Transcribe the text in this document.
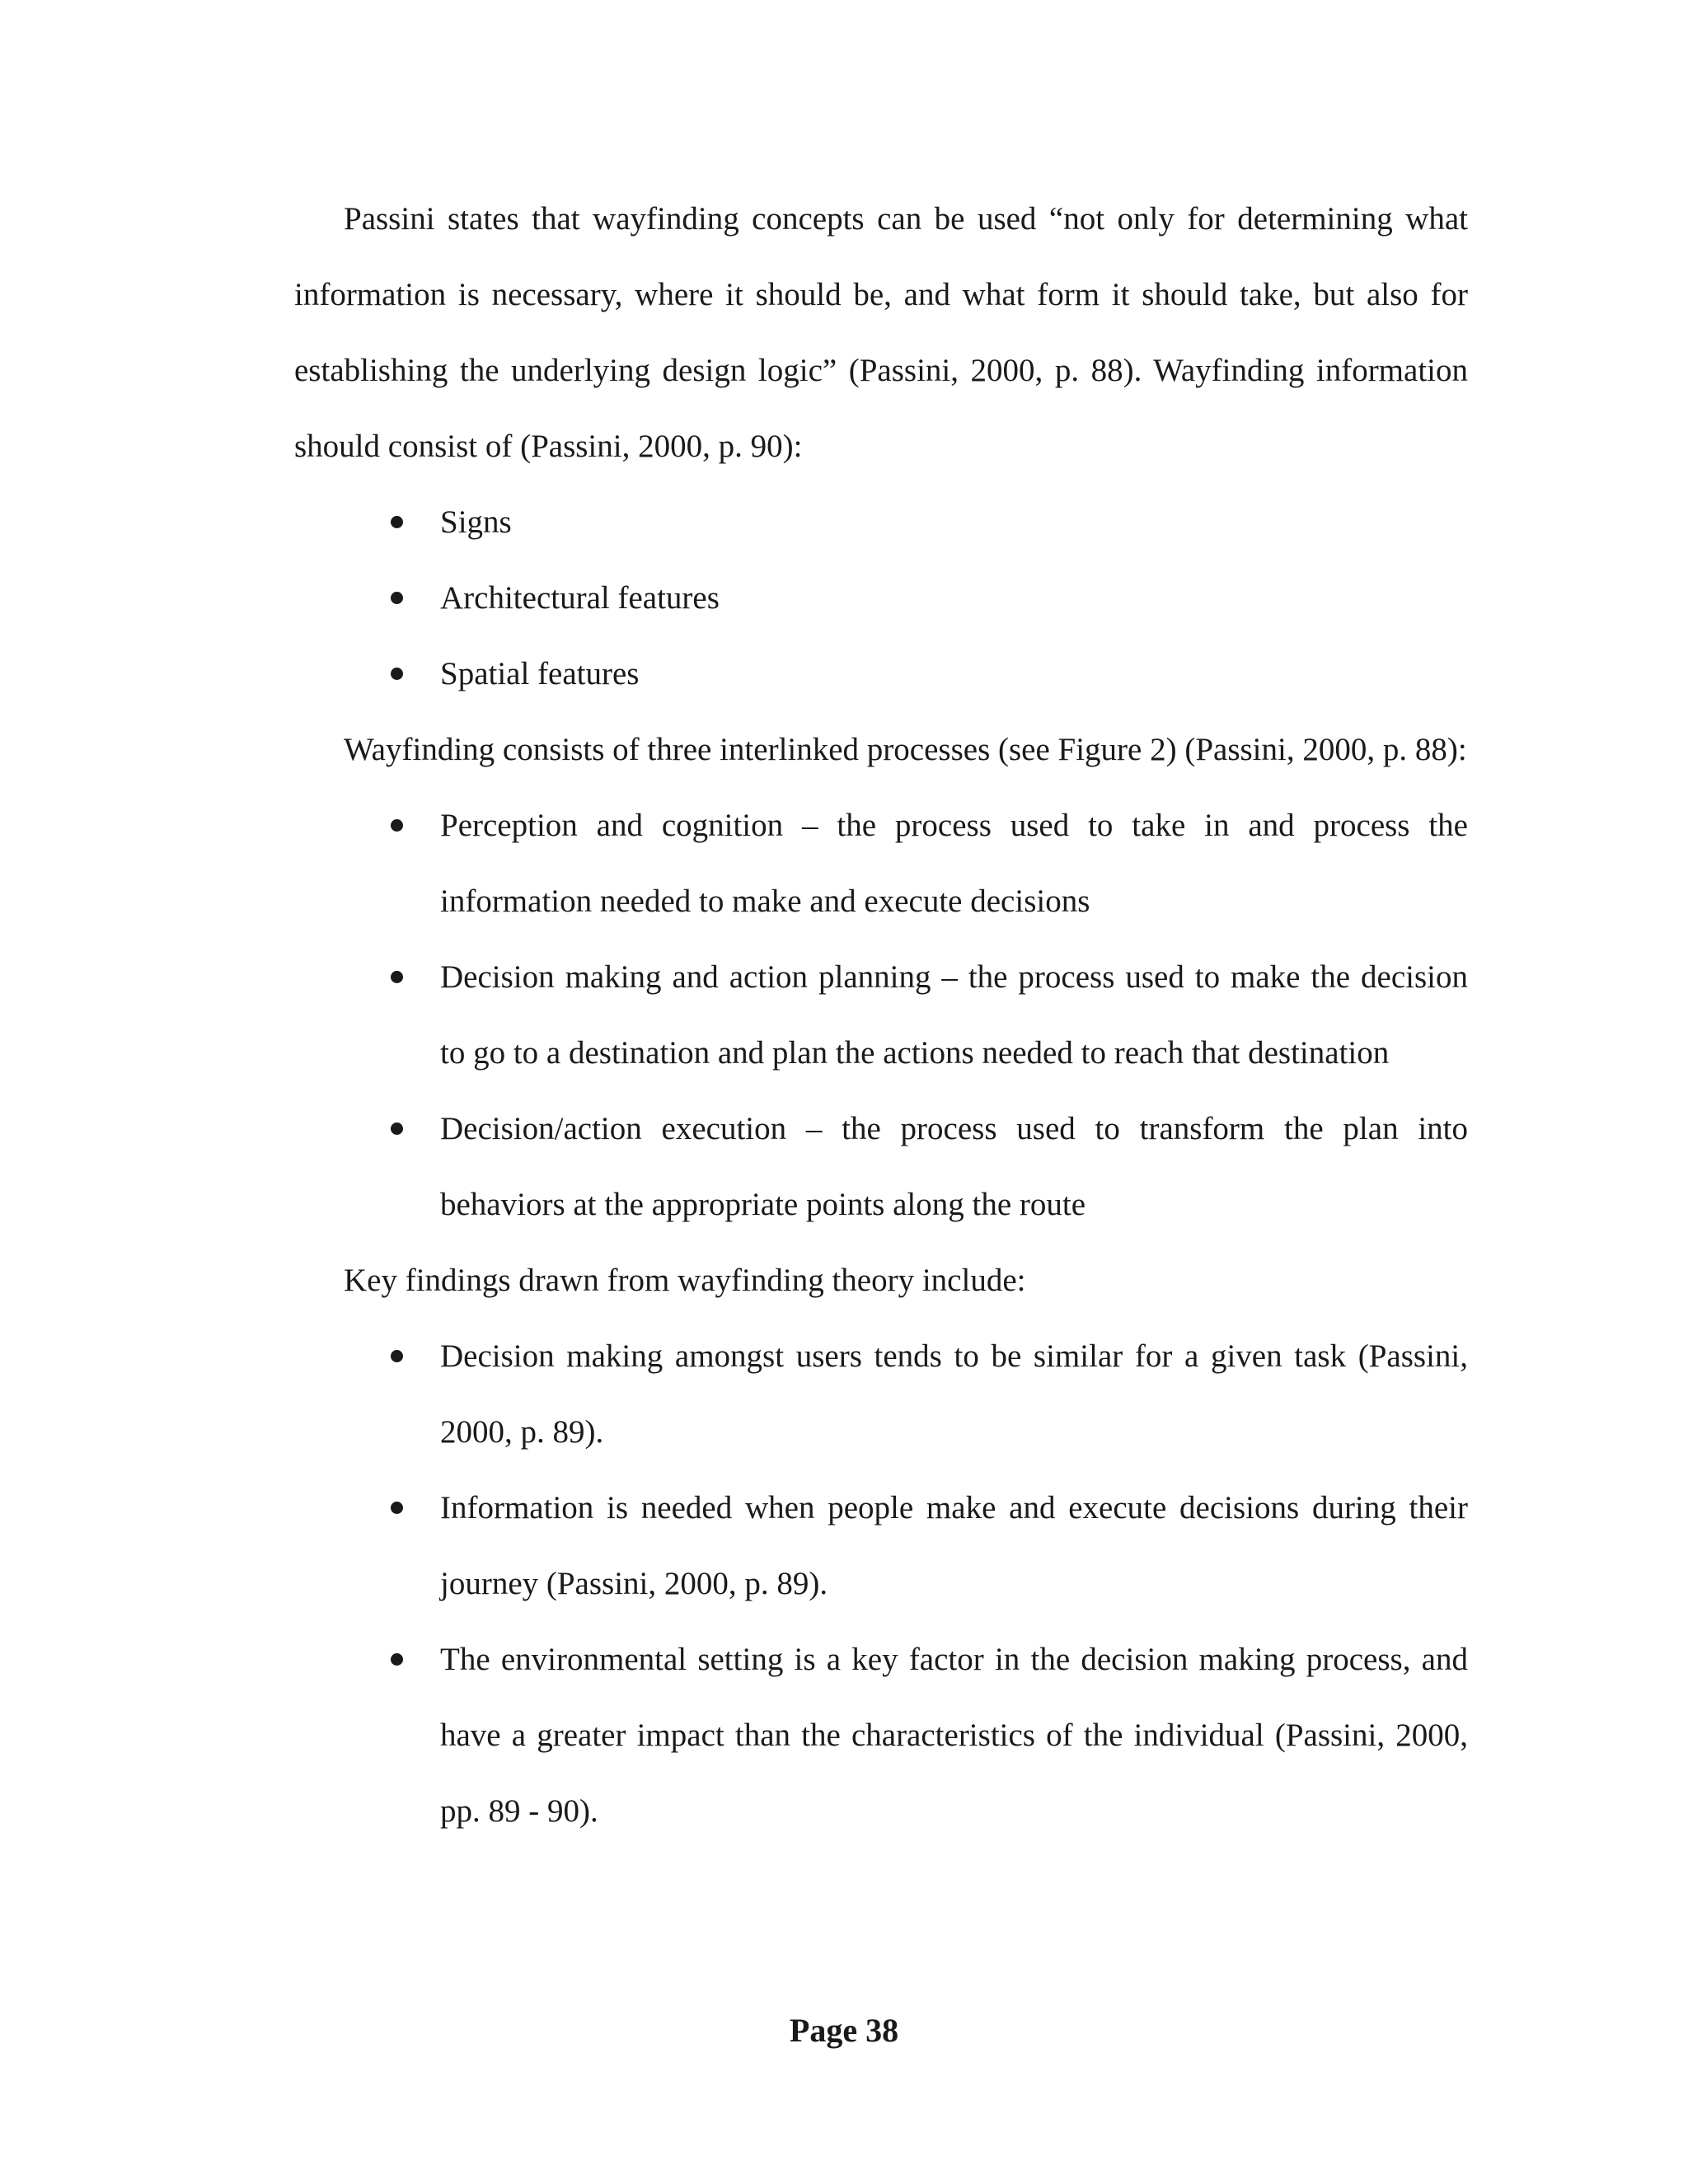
Passini states that wayfinding concepts can be used “not only for determining what information is necessary, where it should be, and what form it should take, but also for establishing the underlying design logic” (Passini, 2000, p. 88). Wayfinding information should consist of (Passini, 2000, p. 90):

Signs
Architectural features
Spatial features

Wayfinding consists of three interlinked processes (see Figure 2) (Passini, 2000, p. 88):

Perception and cognition – the process used to take in and process the information needed to make and execute decisions
Decision making and action planning – the process used to make the decision to go to a destination and plan the actions needed to reach that destination
Decision/action execution – the process used to transform the plan into behaviors at the appropriate points along the route

Key findings drawn from wayfinding theory include:

Decision making amongst users tends to be similar for a given task (Passini, 2000, p. 89).
Information is needed when people make and execute decisions during their journey (Passini, 2000, p. 89).
The environmental setting is a key factor in the decision making process, and have a greater impact than the characteristics of the individual (Passini, 2000, pp. 89 - 90).
Page 38
